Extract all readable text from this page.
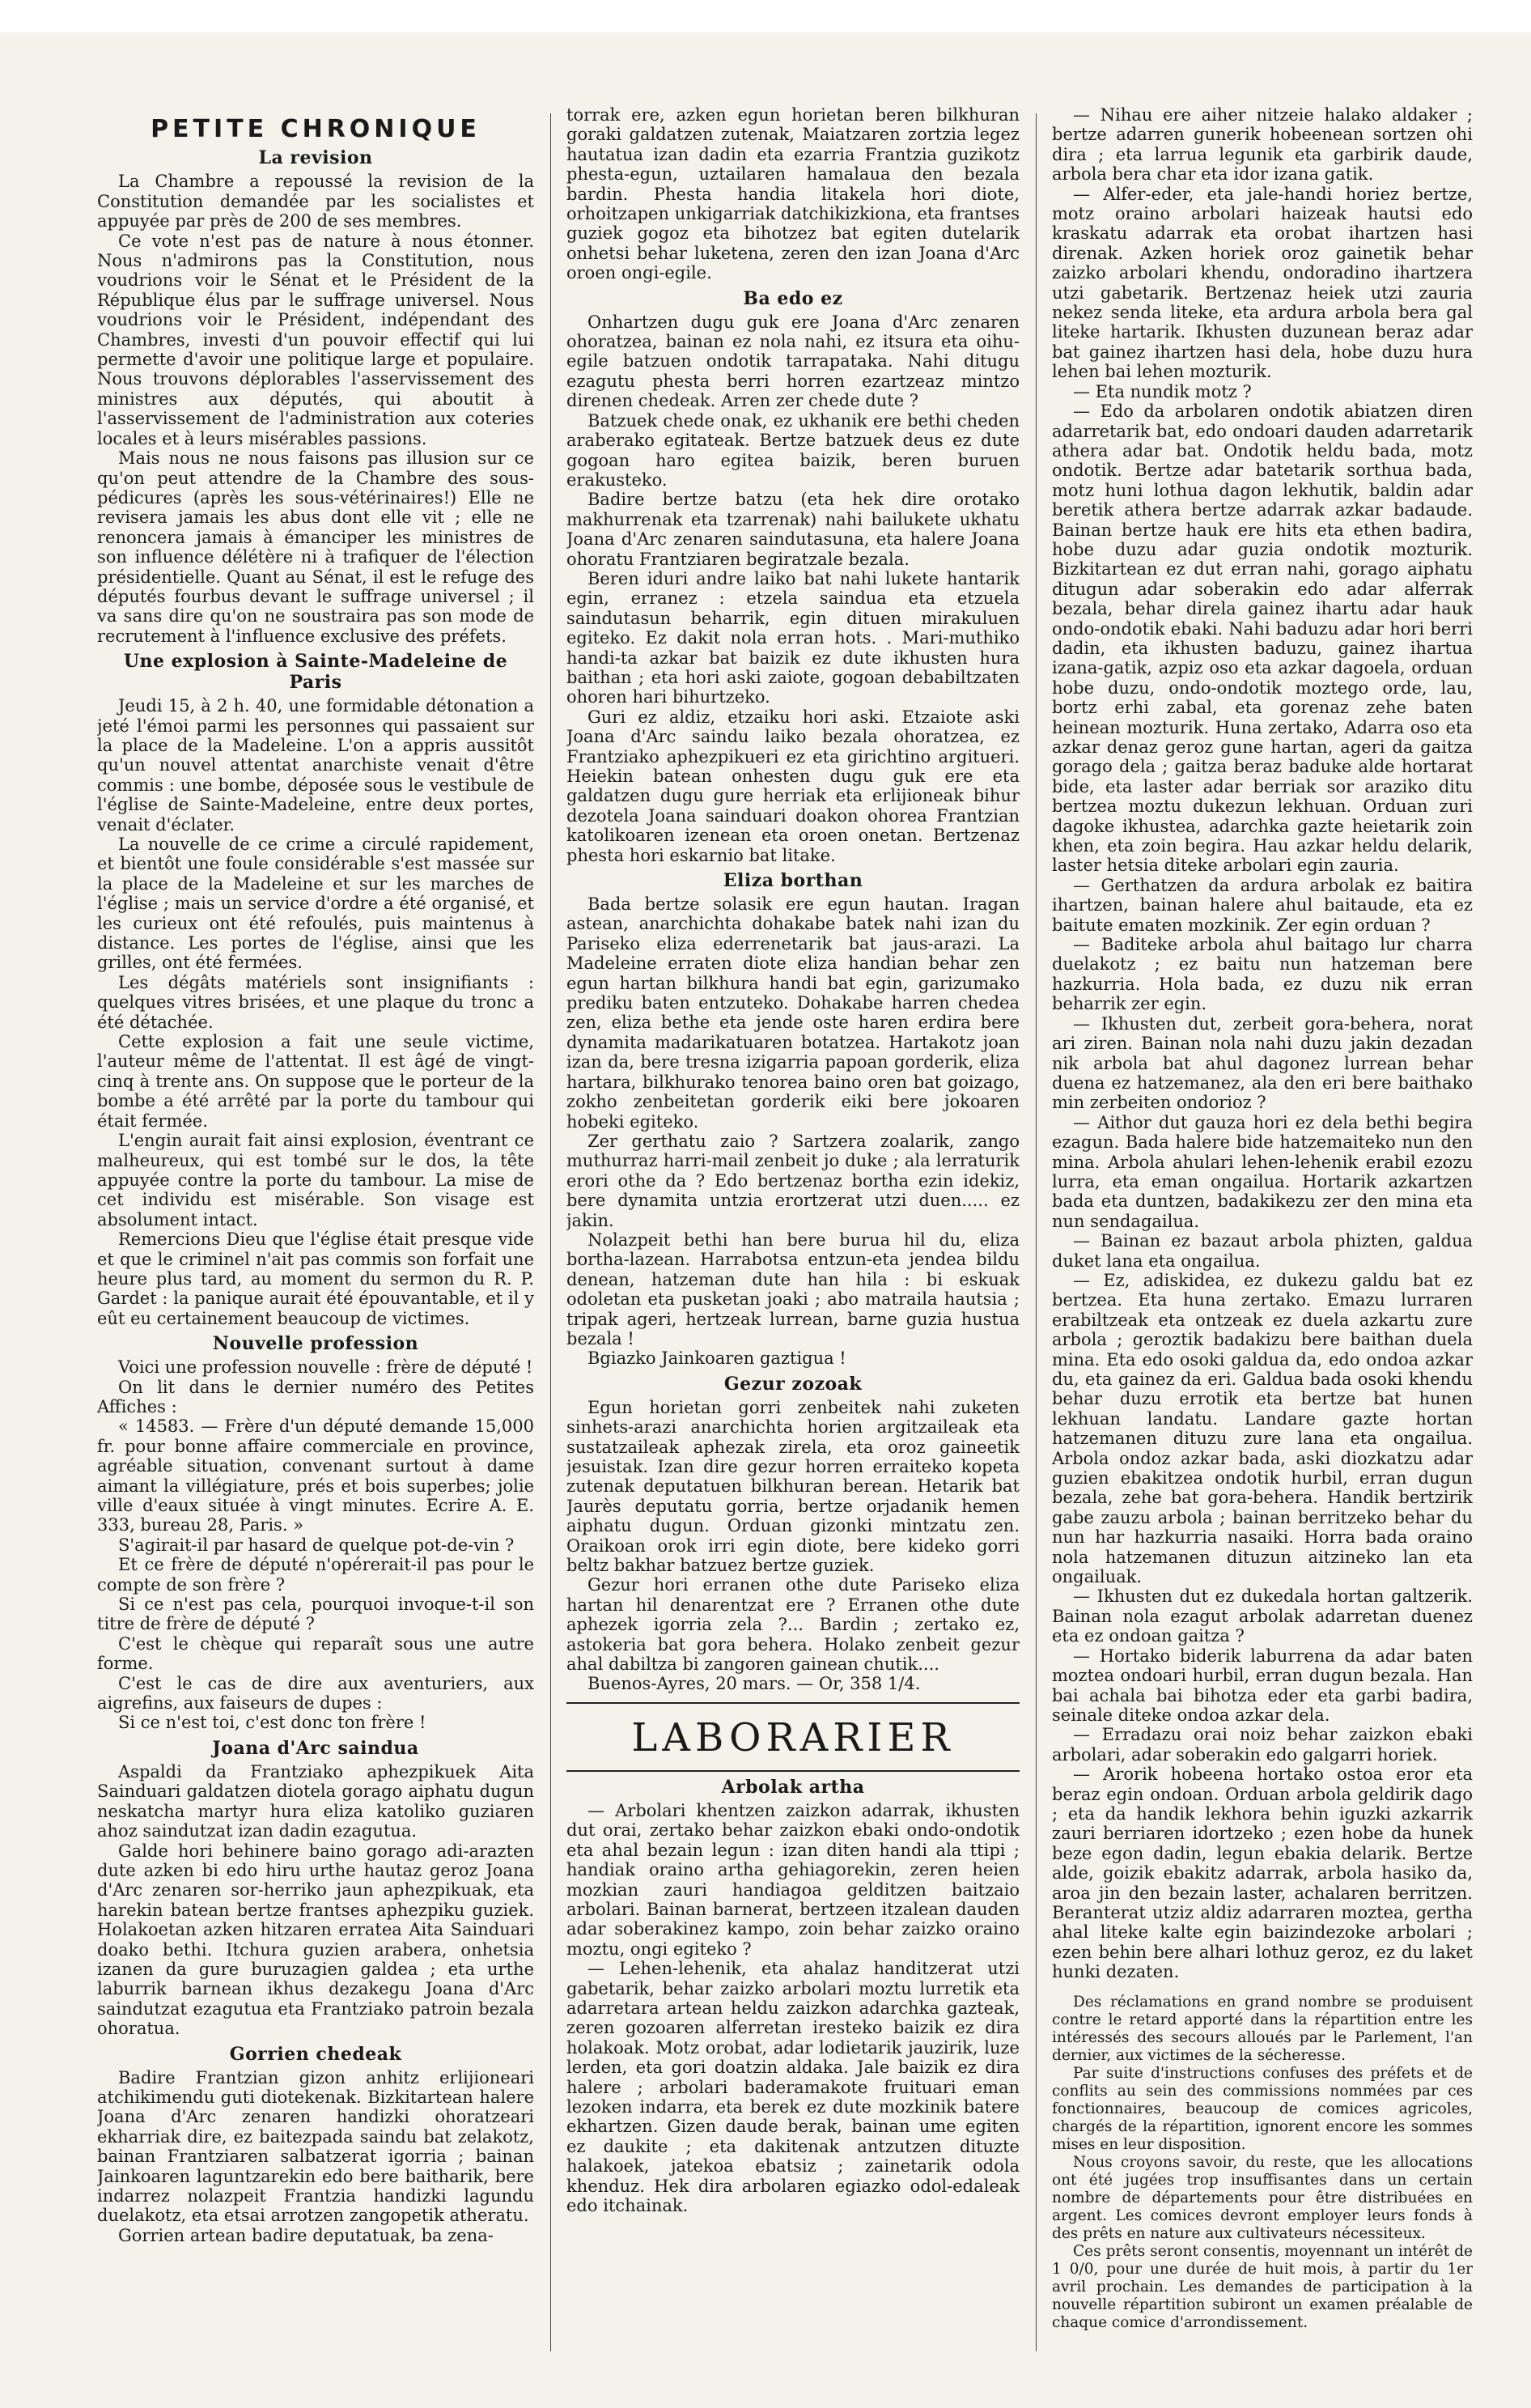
PETITE CHRONIQUE
La revision

La Chambre a repoussé la revision de la Constitution demandée par les socialistes et appuyée par près de 200 de ses membres.

Ce vote n'est pas de nature à nous étonner. Nous n'admirons pas la Constitution, nous voudrions voir le Sénat et le Président de la République élus par le suffrage universel. Nous voudrions voir le Président, indépendant des Chambres, investi d'un pouvoir effectif qui lui permette d'avoir une politique large et populaire. Nous trouvons déplorables l'asservissement des ministres aux députés, qui aboutit à l'asservissement de l'administration aux coteries locales et à leurs misérables passions.

Mais nous ne nous faisons pas illusion sur ce qu'on peut attendre de la Chambre des sous-pédicures (après les sous-vétérinaires!) Elle ne revisera jamais les abus dont elle vit ; elle ne renoncera jamais à émanciper les ministres de son influence délétère ni à trafiquer de l'élection présidentielle. Quant au Sénat, il est le refuge des députés fourbus devant le suffrage universel ; il va sans dire qu'on ne soustraira pas son mode de recrutement à l'influence exclusive des préfets.

Une explosion à Sainte-Madeleine de Paris

Jeudi 15, à 2 h. 40, une formidable détonation a jeté l'émoi parmi les personnes qui passaient sur la place de la Madeleine. L'on a appris aussitôt qu'un nouvel attentat anarchiste venait d'être commis : une bombe, déposée sous le vestibule de l'église de Sainte-Madeleine, entre deux portes, venait d'éclater.

La nouvelle de ce crime a circulé rapidement, et bientôt une foule considérable s'est massée sur la place de la Madeleine et sur les marches de l'église ; mais un service d'ordre a été organisé, et les curieux ont été refoulés, puis maintenus à distance. Les portes de l'église, ainsi que les grilles, ont été fermées.

Les dégâts matériels sont insignifiants : quelques vitres brisées, et une plaque du tronc a été détachée.

Cette explosion a fait une seule victime, l'auteur même de l'attentat. Il est âgé de vingt-cinq à trente ans. On suppose que le porteur de la bombe a été arrêté par la porte du tambour qui était fermée.

L'engin aurait fait ainsi explosion, éventrant ce malheureux, qui est tombé sur le dos, la tête appuyée contre la porte du tambour. La mise de cet individu est misérable. Son visage est absolument intact.

Remercions Dieu que l'église était presque vide et que le criminel n'ait pas commis son forfait une heure plus tard, au moment du sermon du R. P. Gardet : la panique aurait été épouvantable, et il y eût eu certainement beaucoup de victimes.

Nouvelle profession

Voici une profession nouvelle : frère de député !

On lit dans le dernier numéro des Petites Affiches :

« 14583. — Frère d'un député demande 15,000 fr. pour bonne affaire commerciale en province, agréable situation, convenant surtout à dame aimant la villégiature, prés et bois superbes; jolie ville d'eaux située à vingt minutes. Ecrire A. E. 333, bureau 28, Paris. »

S'agirait-il par hasard de quelque pot-de-vin ?

Et ce frère de député n'opérerait-il pas pour le compte de son frère ?

Si ce n'est pas cela, pourquoi invoque-t-il son titre de frère de député ?

C'est le chèque qui reparaît sous une autre forme.

C'est le cas de dire aux aventuriers, aux aigrefins, aux faiseurs de dupes :

Si ce n'est toi, c'est donc ton frère !

Joana d'Arc saindua

Aspaldi da Frantziako aphezpikuek Aita Sainduari galdatzen diotela gorago aiphatu dugun neskatcha martyr hura eliza katoliko guziaren ahoz saindutzat izan dadin ezagutua.

Galde hori behinere baino gorago adi-arazten dute azken bi edo hiru urthe hautaz geroz Joana d'Arc zenaren sor-herriko jaun aphezpikuak, eta harekin batean bertze frantses aphezpiku guziek. Holakoetan azken hitzaren erratea Aita Sainduari doako bethi. Itchura guzien arabera, onhetsia izanen da gure buruzagien galdea ; eta urthe laburrik barnean ikhus dezakegu Joana d'Arc saindutzat ezagutua eta Frantziako patroin bezala ohoratua.

Gorrien chedeak

Badire Frantzian gizon anhitz erlijioneari atchikimendu guti diotekenak. Bizkitartean halere Joana d'Arc zenaren handizki ohoratzeari ekharriak dire, ez baitezpada saindu bat zelakotz, bainan Frantziaren salbatzerat igorria ; bainan Jainkoaren laguntzarekin edo bere baitharik, bere indarrez nolazpeit Frantzia handizki lagundu duelakotz, eta etsai arrotzen zangopetik atheratu.

Gorrien artean badire deputatuak, ba zena-

torrak ere, azken egun horietan beren bilkhuran goraki galdatzen zutenak, Maiatzaren zortzia legez hautatua izan dadin eta ezarria Frantzia guzikotz phesta-egun, uztailaren hamalaua den bezala bardin. Phesta handia litakela hori diote, orhoitzapen unkigarriak datchikizkiona, eta frantses guziek gogoz eta bihotzez bat egiten dutelarik onhetsi behar luketena, zeren den izan Joana d'Arc oroen ongi-egile.

Ba edo ez

Onhartzen dugu guk ere Joana d'Arc zenaren ohoratzea, bainan ez nola nahi, ez itsura eta oihu-egile batzuen ondotik tarrapataka. Nahi ditugu ezagutu phesta berri horren ezartzeaz mintzo direnen chedeak. Arren zer chede dute ?

Batzuek chede onak, ez ukhanik ere bethi cheden araberako egitateak. Bertze batzuek deus ez dute gogoan haro egitea baizik, beren buruen erakusteko.

Badire bertze batzu (eta hek dire orotako makhurrenak eta tzarrenak) nahi bailukete ukhatu Joana d'Arc zenaren saindutasuna, eta halere Joana ohoratu Frantziaren begiratzale bezala.

Beren iduri andre laiko bat nahi lukete hantarik egin, erranez : etzela saindua eta etzuela saindutasun beharrik, egin dituen mirakuluen egiteko. Ez dakit nola erran hots. . Mari-muthiko handi-ta azkar bat baizik ez dute ikhusten hura baithan ; eta hori aski zaiote, gogoan debabiltzaten ohoren hari bihurtzeko.

Guri ez aldiz, etzaiku hori aski. Etzaiote aski Joana d'Arc saindu laiko bezala ohoratzea, ez Frantziako aphezpikueri ez eta girichtino argitueri. Heiekin batean onhesten dugu guk ere eta galdatzen dugu gure herriak eta erlijioneak bihur dezotela Joana sainduari doakon ohorea Frantzian katolikoaren izenean eta oroen onetan. Bertzenaz phesta hori eskarnio bat litake.

Eliza borthan

Bada bertze solasik ere egun hautan. Iragan astean, anarchichta dohakabe batek nahi izan du Pariseko eliza ederrenetarik bat jaus-arazi. La Madeleine erraten diote eliza handian behar zen egun hartan bilkhura handi bat egin, garizumako prediku baten entzuteko. Dohakabe harren chedea zen, eliza bethe eta jende oste haren erdira bere dynamita madarikatuaren botatzea. Hartakotz joan izan da, bere tresna izigarria papoan gorderik, eliza hartara, bilkhurako tenorea baino oren bat goizago, zokho zenbeitetan gorderik eiki bere jokoaren hobeki egiteko.

Zer gerthatu zaio ? Sartzera zoalarik, zango muthurraz harri-mail zenbeit jo duke ; ala lerraturik erori othe da ? Edo bertzenaz bortha ezin idekiz, bere dynamita untzia erortzerat utzi duen..... ez jakin.

Nolazpeit bethi han bere burua hil du, eliza bortha-lazean. Harrabotsa entzun-eta jendea bildu denean, hatzeman dute han hila : bi eskuak odoletan eta pusketan joaki ; abo matraila hautsia ; tripak ageri, hertzeak lurrean, barne guzia hustua bezala !

Bgiazko Jainkoaren gaztigua !

Gezur zozoak

Egun horietan gorri zenbeitek nahi zuketen sinhets-arazi anarchichta horien argitzaileak eta sustatzaileak aphezak zirela, eta oroz gaineetik jesuistak. Izan dire gezur horren erraiteko kopeta zutenak deputatuen bilkhuran berean. Hetarik bat Jaurès deputatu gorria, bertze orjadanik hemen aiphatu dugun. Orduan gizonki mintzatu zen. Oraikoan orok irri egin diote, bere kideko gorri beltz bakhar batzuez bertze guziek.

Gezur hori erranen othe dute Pariseko eliza hartan hil denarentzat ere ? Erranen othe dute aphezek igorria zela ?... Bardin ; zertako ez, astokeria bat gora behera. Holako zenbeit gezur ahal dabiltza bi zangoren gainean chutik....

Buenos-Ayres, 20 mars. — Or, 358 1/4.

LABORARIER
Arbolak artha

— Arbolari khentzen zaizkon adarrak, ikhusten dut orai, zertako behar zaizkon ebaki ondo-ondotik eta ahal bezain legun : izan diten handi ala ttipi ; handiak oraino artha gehiagorekin, zeren heien mozkian zauri handiagoa gelditzen baitzaio arbolari. Bainan barnerat, bertzeen itzalean dauden adar soberakinez kampo, zoin behar zaizko oraino moztu, ongi egiteko ?

— Lehen-lehenik, eta ahalaz handitzerat utzi gabetarik, behar zaizko arbolari moztu lurretik eta adarretara artean heldu zaizkon adarchka gazteak, zeren gozoaren alferretan iresteko baizik ez dira holakoak. Motz orobat, adar lodietarik jauzirik, luze lerden, eta gori doatzin aldaka. Jale baizik ez dira halere ; arbolari baderamakote fruituari eman lezoken indarra, eta berek ez dute mozkinik batere ekhartzen. Gizen daude berak, bainan ume egiten ez daukite ; eta dakitenak antzutzen dituzte halakoek, jatekoa ebatsiz ; zainetarik odola khenduz. Hek dira arbolaren egiazko odol-edaleak edo itchainak.

— Nihau ere aiher nitzeie halako aldaker ; bertze adarren gunerik hobeenean sortzen ohi dira ; eta larrua legunik eta garbirik daude, arbola bera char eta idor izana gatik.

— Alfer-eder, eta jale-handi horiez bertze, motz oraino arbolari haizeak hautsi edo kraskatu adarrak eta orobat ihartzen hasi direnak. Azken horiek oroz gainetik behar zaizko arbolari khendu, ondoradino ihartzera utzi gabetarik. Bertzenaz heiek utzi zauria nekez senda liteke, eta ardura arbola bera gal liteke hartarik. Ikhusten duzunean beraz adar bat gainez ihartzen hasi dela, hobe duzu hura lehen bai lehen mozturik.

— Eta nundik motz ?

— Edo da arbolaren ondotik abiatzen diren adarretarik bat, edo ondoari dauden adarretarik athera adar bat. Ondotik heldu bada, motz ondotik. Bertze adar batetarik sorthua bada, motz huni lothua dagon lekhutik, baldin adar beretik athera bertze adarrak azkar badaude. Bainan bertze hauk ere hits eta ethen badira, hobe duzu adar guzia ondotik mozturik. Bizkitartean ez dut erran nahi, gorago aiphatu ditugun adar soberakin edo adar alferrak bezala, behar direla gainez ihartu adar hauk ondo-ondotik ebaki. Nahi baduzu adar hori berri dadin, eta ikhusten baduzu, gainez ihartua izana-gatik, azpiz oso eta azkar dagoela, orduan hobe duzu, ondo-ondotik moztego orde, lau, bortz erhi zabal, eta gorenaz zehe baten heinean mozturik. Huna zertako, Adarra oso eta azkar denaz geroz gune hartan, ageri da gaitza gorago dela ; gaitza beraz baduke alde hortarat bide, eta laster adar berriak sor araziko ditu bertzea moztu dukezun lekhuan. Orduan zuri dagoke ikhustea, adarchka gazte heietarik zoin khen, eta zoin begira. Hau azkar heldu delarik, laster hetsia diteke arbolari egin zauria.

— Gerthatzen da ardura arbolak ez baitira ihartzen, bainan halere ahul baitaude, eta ez baitute ematen mozkinik. Zer egin orduan ?

— Baditeke arbola ahul baitago lur charra duelakotz ; ez baitu nun hatzeman bere hazkurria. Hola bada, ez duzu nik erran beharrik zer egin.

— Ikhusten dut, zerbeit gora-behera, norat ari ziren. Bainan nola nahi duzu jakin dezadan nik arbola bat ahul dagonez lurrean behar duena ez hatzemanez, ala den eri bere baithako min zerbeiten ondorioz ?

— Aithor dut gauza hori ez dela bethi begira ezagun. Bada halere bide hatzemaiteko nun den mina. Arbola ahulari lehen-lehenik erabil ezozu lurra, eta eman ongailua. Hortarik azkartzen bada eta duntzen, badakikezu zer den mina eta nun sendagailua.

— Bainan ez bazaut arbola phizten, galdua duket lana eta ongailua.

— Ez, adiskidea, ez dukezu galdu bat ez bertzea. Eta huna zertako. Emazu lurraren erabiltzeak eta ontzeak ez duela azkartu zure arbola ; geroztik badakizu bere baithan duela mina. Eta edo osoki galdua da, edo ondoa azkar du, eta gainez da eri. Galdua bada osoki khendu behar duzu errotik eta bertze bat hunen lekhuan landatu. Landare gazte hortan hatzemanen dituzu zure lana eta ongailua. Arbola ondoz azkar bada, aski diozkatzu adar guzien ebakitzea ondotik hurbil, erran dugun bezala, zehe bat gora-behera. Handik bertzirik gabe zauzu arbola ; bainan berritzeko behar du nun har hazkurria nasaiki. Horra bada oraino nola hatzemanen dituzun aitzineko lan eta ongailuak.

— Ikhusten dut ez dukedala hortan galtzerik. Bainan nola ezagut arbolak adarretan duenez eta ez ondoan gaitza ?

— Hortako biderik laburrena da adar baten moztea ondoari hurbil, erran dugun bezala. Han bai achala bai bihotza eder eta garbi badira, seinale diteke ondoa azkar dela.

— Erradazu orai noiz behar zaizkon ebaki arbolari, adar soberakin edo galgarri horiek.

— Arorik hobeena hortako ostoa eror eta beraz egin ondoan. Orduan arbola geldirik dago ; eta da handik lekhora behin iguzki azkarrik zauri berriaren idortzeko ; ezen hobe da hunek beze egon dadin, legun ebakia delarik. Bertze alde, goizik ebakitz adarrak, arbola hasiko da, aroa jin den bezain laster, achalaren berritzen. Beranterat utziz aldiz adarraren moztea, gertha ahal liteke kalte egin baizindezoke arbolari ; ezen behin bere alhari lothuz geroz, ez du laket hunki dezaten.

Des réclamations en grand nombre se produisent contre le retard apporté dans la répartition entre les intéressés des secours alloués par le Parlement, l'an dernier, aux victimes de la sécheresse.

Par suite d'instructions confuses des préfets et de conflits au sein des commissions nommées par ces fonctionnaires, beaucoup de comices agricoles, chargés de la répartition, ignorent encore les sommes mises en leur disposition.

Nous croyons savoir, du reste, que les allocations ont été jugées trop insuffisantes dans un certain nombre de départements pour être distribuées en argent. Les comices devront employer leurs fonds à des prêts en nature aux cultivateurs nécessiteux.

Ces prêts seront consentis, moyennant un intérêt de 1 0/0, pour une durée de huit mois, à partir du 1er avril prochain. Les demandes de participation à la nouvelle répartition subiront un examen préalable de chaque comice d'arrondissement.
